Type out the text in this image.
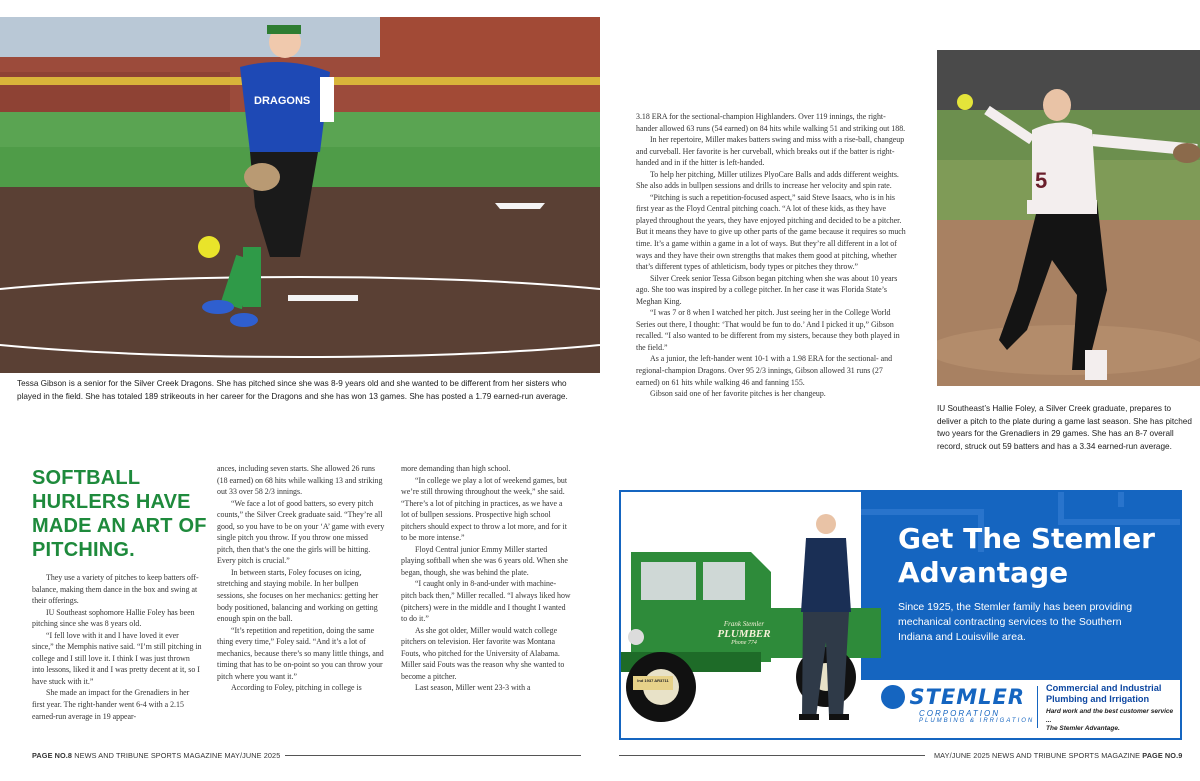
DRAGONS
Tessa Gibson is a senior for the Silver Creek Dragons. She has pitched since she was 8-9 years old and she wanted to be different from her sisters who played in the field. She has totaled 189 strikeouts in her career for the Dragons and she has won 13 games. She has posted a 1.79 earned-run average.
SOFTBALL HURLERS HAVE MADE AN ART OF PITCHING.

They use a variety of pitches to keep batters off-balance, making them dance in the box and swing at their offerings.

IU Southeast sophomore Hallie Foley has been pitching since she was 8 years old.

“I fell love with it and I have loved it ever since,” the Memphis native said. “I’m still pitching in college and I still love it. I think I was just thrown into lessons, liked it and I was pretty decent at it, so I have stuck with it.”

She made an impact for the Grenadiers in her first year. The right-hander went 6-4 with a 2.15 earned-run average in 19 appear-

ances, including seven starts. She allowed 26 runs (18 earned) on 68 hits while walking 13 and striking out 33 over 58 2/3 innings.

“We face a lot of good batters, so every pitch counts,” the Silver Creek graduate said. “They’re all good, so you have to be on your ‘A’ game with every single pitch you throw. If you throw one missed pitch, then that’s the one the girls will be hitting. Every pitch is crucial.”

In between starts, Foley focuses on icing, stretching and staying mobile. In her bullpen sessions, she focuses on her mechanics: getting her body positioned, balancing and working on getting enough spin on the ball.

“It’s repetition and repetition, doing the same thing every time,” Foley said. “And it’s a lot of mechanics, because there’s so many little things, and timing that has to be on-point so you can throw your pitch where you want it.”

According to Foley, pitching in college is

more demanding than high school.

“In college we play a lot of weekend games, but we’re still throwing throughout the week,” she said. “There’s a lot of pitching in practices, as we have a lot of bullpen sessions. Prospective high school pitchers should expect to throw a lot more, and for it to be more intense.”

Floyd Central junior Emmy Miller started playing softball when she was 6 years old. When she began, though, she was behind the plate.

“I caught only in 8-and-under with machine-pitch back then,” Miller recalled. “I always liked how (pitchers) were in the middle and I thought I wanted to do it.”

As she got older, Miller would watch college pitchers on television. Her favorite was Montana Fouts, who pitched for the University of Alabama. Miller said Fouts was the reason why she wanted to become a pitcher.

Last season, Miller went 23-3 with a

PAGE NO.8 NEWS AND TRIBUNE SPORTS MAGAZINE MAY/JUNE 2025

3.18 ERA for the sectional-champion Highlanders. Over 119 innings, the right-hander allowed 63 runs (54 earned) on 84 hits while walking 51 and striking out 188.

In her repertoire, Miller makes batters swing and miss with a rise-ball, changeup and curveball. Her favorite is her curveball, which breaks out if the batter is right-handed and in if the hitter is left-handed.

To help her pitching, Miller utilizes PlyoCare Balls and adds different weights. She also adds in bullpen sessions and drills to increase her velocity and spin rate.

“Pitching is such a repetition-focused aspect,” said Steve Isaacs, who is in his first year as the Floyd Central pitching coach. “A lot of these kids, as they have played throughout the years, they have enjoyed pitching and decided to be a pitcher. But it means they have to give up other parts of the game because it requires so much time. It’s a game within a game in a lot of ways. But they’re all different in a lot of ways and they have their own strengths that makes them good at pitching, whether that’s different types of athleticism, body types or pitches they throw.”

Silver Creek senior Tessa Gibson began pitching when she was about 10 years ago. She too was inspired by a college pitcher. In her case it was Florida State’s Meghan King.

“I was 7 or 8 when I watched her pitch. Just seeing her in the College World Series out there, I thought: ‘That would be fun to do.’ And I picked it up,” Gibson recalled. “I also wanted to be different from my sisters, because they both played in the field.”

As a junior, the left-hander went 10-1 with a 1.98 ERA for the sectional- and regional-champion Dragons. Over 95 2/3 innings, Gibson allowed 31 runs (27 earned) on 61 hits while walking 46 and fanning 155.

Gibson said one of her favorite pitches is her changeup.

5
IU Southeast’s Hallie Foley, a Silver Creek graduate, prepares to deliver a pitch to the plate during a game last season. She has pitched two years for the Grenadiers in 29 games. She has an 8-7 overall record, struck out 59 batters and has a 3.34 earned-run average.
Get The Stemler
Advantage
Since 1925, the Stemler family has been providing mechanical contracting services to the Southern Indiana and Louisville area.
Frank Stemler
PLUMBER
Phone 774
Ind 1937 AR3711
STEMLER
CORPORATION
PLUMBING & IRRIGATION
Commercial and Industrial
Plumbing and Irrigation
Hard work and the best customer service ...
The Stemler Advantage.
MAY/JUNE 2025 NEWS AND TRIBUNE SPORTS MAGAZINE PAGE NO.9
